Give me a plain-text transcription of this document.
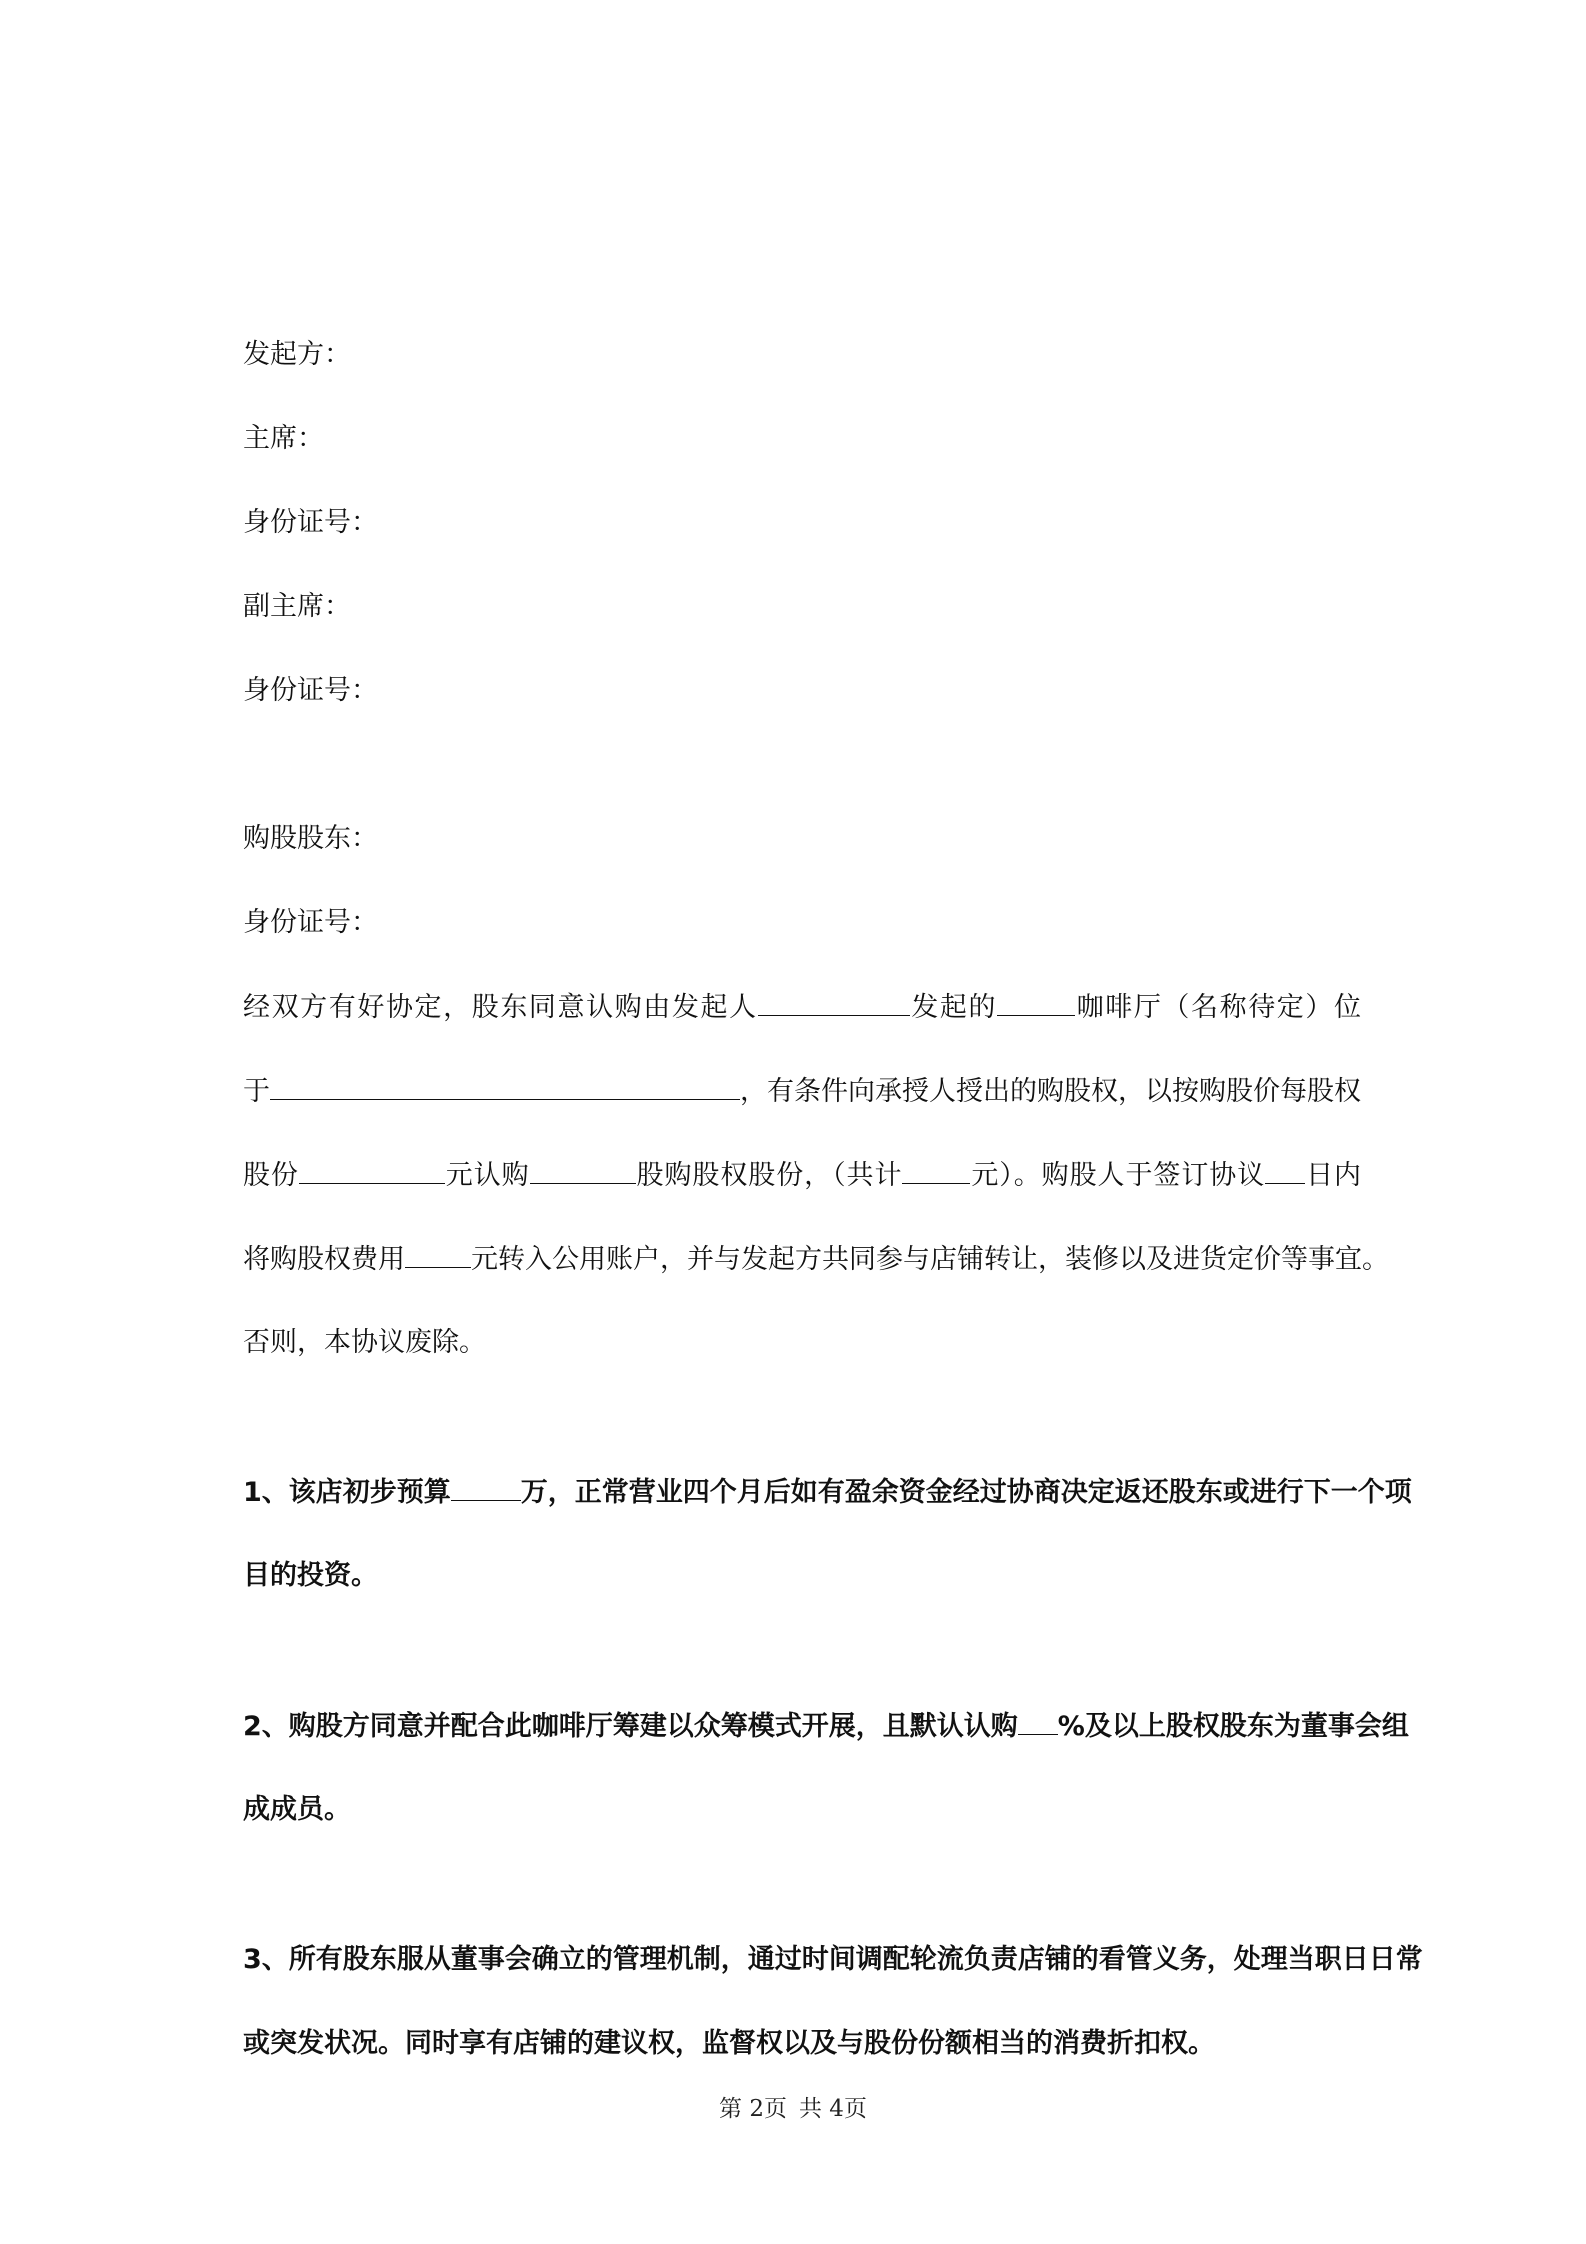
发起方：
主席：
身份证号：
副主席：
身份证号：
购股股东：
身份证号：
经双方有好协定，股东同意认购由发起人	发起的	咖啡厅（名称待定）位
于	，有条件向承授人授出的购股权，以按购股价每股权
股份	元认购	股购股权股份，（共计	元）。购股人于签订协议 日内
将购股权费用 元转入公用账户，并与发起方共同参与店铺转让，装修以及进货定价等事宜。
否则，本协议废除。
1、该店初步预算	万，正常营业四个月后如有盈余资金经过协商决定返还股东或进行下一个项
目的投资。
2、购股方同意并配合此咖啡厅筹建以众筹模式开展，且默认认购 %及以上股权股东为董事会组
成成员。
3、所有股东服从董事会确立的管理机制，通过时间调配轮流负责店铺的看管义务，处理当职日日常
或突发状况。同时享有店铺的建议权，监督权以及与股份份额相当的消费折扣权。
第 2页 共 4页
